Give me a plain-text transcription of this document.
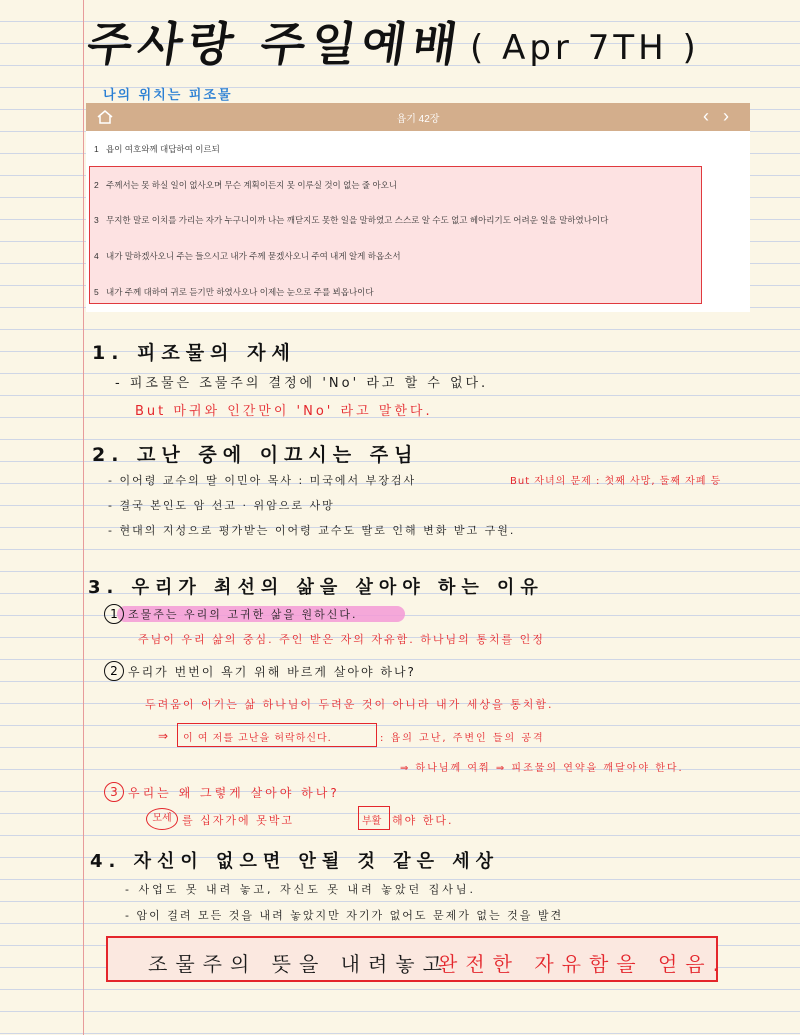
주사랑 주일예배 ( Apr 7TH )
나의 위치는 피조물
욥기 42장	‹ ›
1 욥이 여호와께 대답하여 이르되
2 주께서는 못 하실 일이 없사오며 무슨 계획이든지 못 이루실 것이 없는 줄 아오니
3 무지한 말로 이치를 가리는 자가 누구니이까 나는 깨닫지도 못한 일을 말하였고 스스로 알 수도 없고 헤아리기도 어려운 일을 말하였나이다
4 내가 말하겠사오니 주는 들으시고 내가 주께 묻겠사오니 주여 내게 알게 하옵소서
5 내가 주께 대하여 귀로 듣기만 하였사오나 이제는 눈으로 주를 뵈옵나이다
1. 피조물의 자세
- 피조물은 조물주의 결정에 'No' 라고 할 수 없다.
But 마귀와 인간만이 'No' 라고 말한다.
2. 고난 중에 이끄시는 주님
- 이어령 교수의 딸 이민아 목사 : 미국에서 부장검사	But 자녀의 문제 : 첫째 사망, 둘째 자폐 등
- 결국 본인도 암 선고 · 위암으로 사망
- 현대의 지성으로 평가받는 이어령 교수도 딸로 인해 변화 받고 구원.
3. 우리가 최선의 삶을 살아야 하는 이유
1 조물주는 우리의 고귀한 삶을 원하신다.
주님이 우리 삶의 중심. 주인 받은 자의 자유함. 하나님의 통치를 인정
2 우리가 번번이 욕기 위해 바르게 살아야 하나?
두려움이 이기는 삶 하나님이 두려운 것이 아니라 내가 세상을 통치함.
⇒ 이 여 저를 고난을 허락하신다.	: 욥의 고난, 주변인 들의 공격
⇒ 하나님께 여쭤 ⇒ 피조물의 연약을 깨달아야 한다.
3 우리는 왜 그렇게 살아야 하나?
모세 를 십자가에 못박고	부활 해야 한다.
4. 자신이 없으면 안될 것 같은 세상
- 사업도 못 내려 놓고, 자신도 못 내려 놓았던 집사님.
- 암이 걸려 모든 것을 내려 놓았지만 자기가 없어도 문제가 없는 것을 발견
조물주의 뜻을 내려놓고
완전한 자유함을 얻음.
